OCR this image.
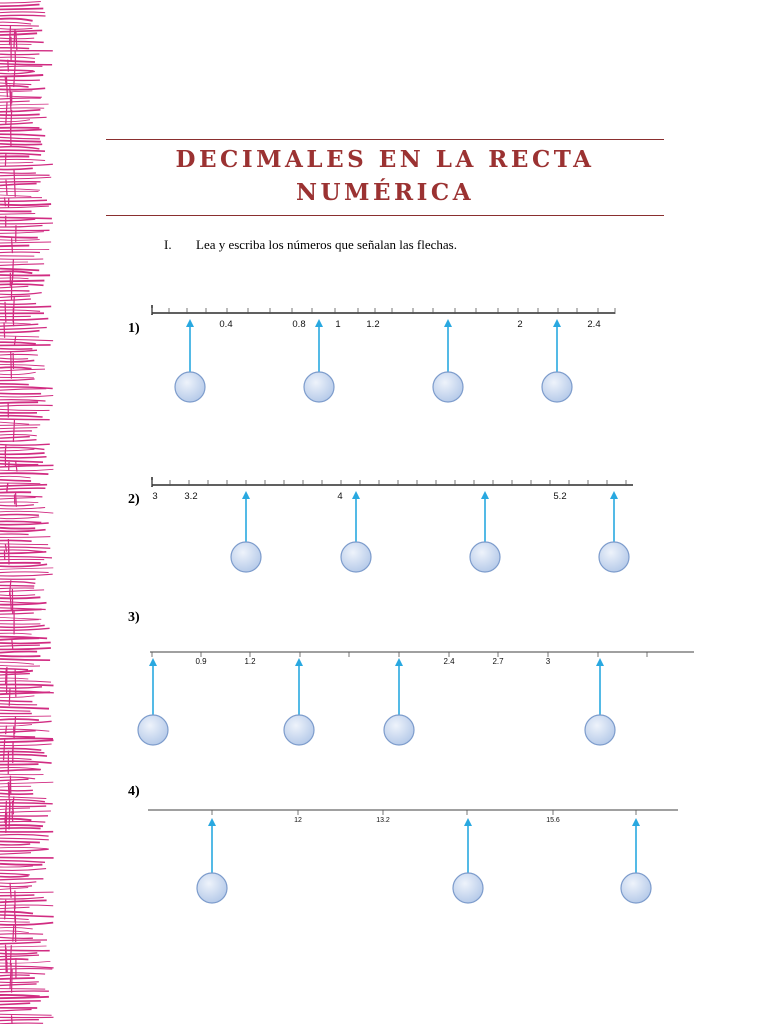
DECIMALES EN LA RECTA
NUMÉRICA
I. Lea y escriba los números que señalan las flechas.
1)
2)
3)
4)
0.4	0.8	1	1.2	2	2.4
3	3.2	4	5.2
0.9	1.2	2.4	2.7	3
12	13.2	15.6
